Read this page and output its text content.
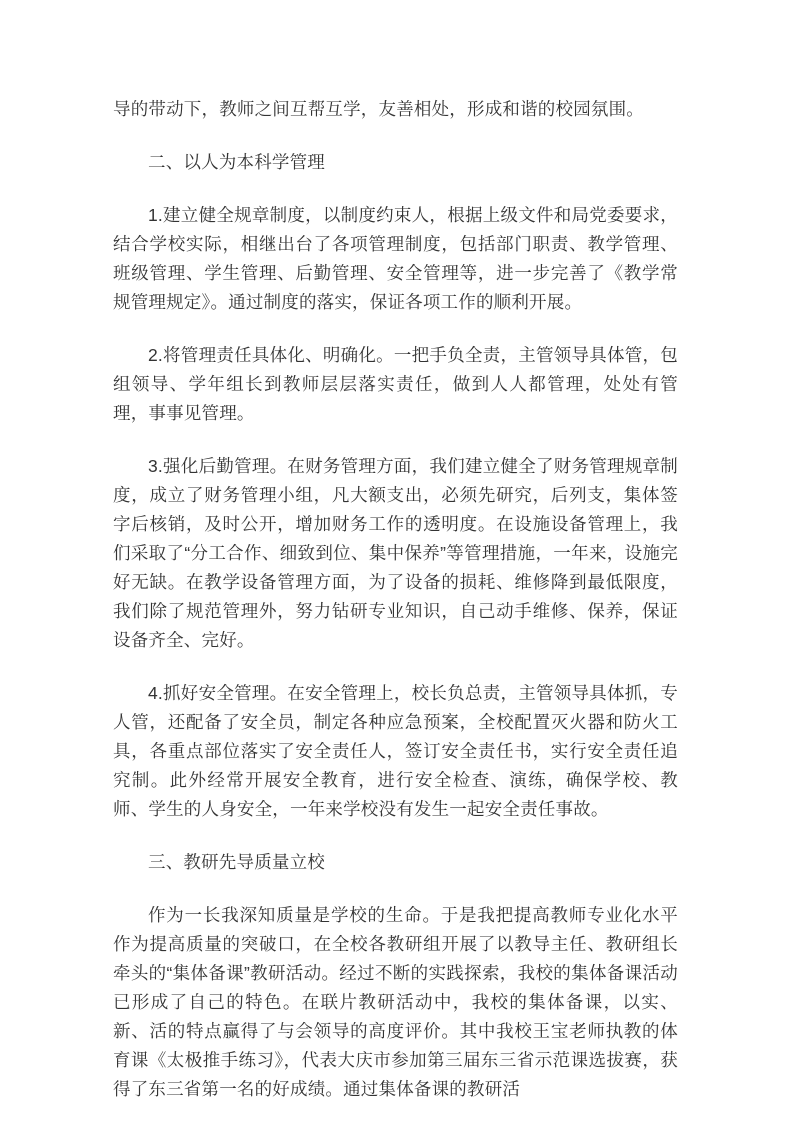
导的带动下，教师之间互帮互学，友善相处，形成和谐的校园氛围。

二、以人为本科学管理

1.建立健全规章制度，以制度约束人，根据上级文件和局党委要求，结合学校实际，相继出台了各项管理制度，包括部门职责、教学管理、班级管理、学生管理、后勤管理、安全管理等，进一步完善了《教学常规管理规定》。通过制度的落实，保证各项工作的顺利开展。

2.将管理责任具体化、明确化。一把手负全责，主管领导具体管，包组领导、学年组长到教师层层落实责任，做到人人都管理，处处有管理，事事见管理。

3.强化后勤管理。在财务管理方面，我们建立健全了财务管理规章制度，成立了财务管理小组，凡大额支出，必须先研究，后列支，集体签字后核销，及时公开，增加财务工作的透明度。在设施设备管理上，我们采取了“分工合作、细致到位、集中保养”等管理措施，一年来，设施完好无缺。在教学设备管理方面，为了设备的损耗、维修降到最低限度，我们除了规范管理外，努力钻研专业知识，自己动手维修、保养，保证设备齐全、完好。

4.抓好安全管理。在安全管理上，校长负总责，主管领导具体抓，专人管，还配备了安全员，制定各种应急预案，全校配置灭火器和防火工具，各重点部位落实了安全责任人，签订安全责任书，实行安全责任追究制。此外经常开展安全教育，进行安全检查、演练，确保学校、教师、学生的人身安全，一年来学校没有发生一起安全责任事故。

三、教研先导质量立校

作为一长我深知质量是学校的生命。于是我把提高教师专业化水平作为提高质量的突破口，在全校各教研组开展了以教导主任、教研组长牵头的“集体备课”教研活动。经过不断的实践探索，我校的集体备课活动已形成了自己的特色。在联片教研活动中，我校的集体备课，以实、新、活的特点赢得了与会领导的高度评价。其中我校王宝老师执教的体育课《太极推手练习》，代表大庆市参加第三届东三省示范课选拔赛，获得了东三省第一名的好成绩。通过集体备课的教研活
